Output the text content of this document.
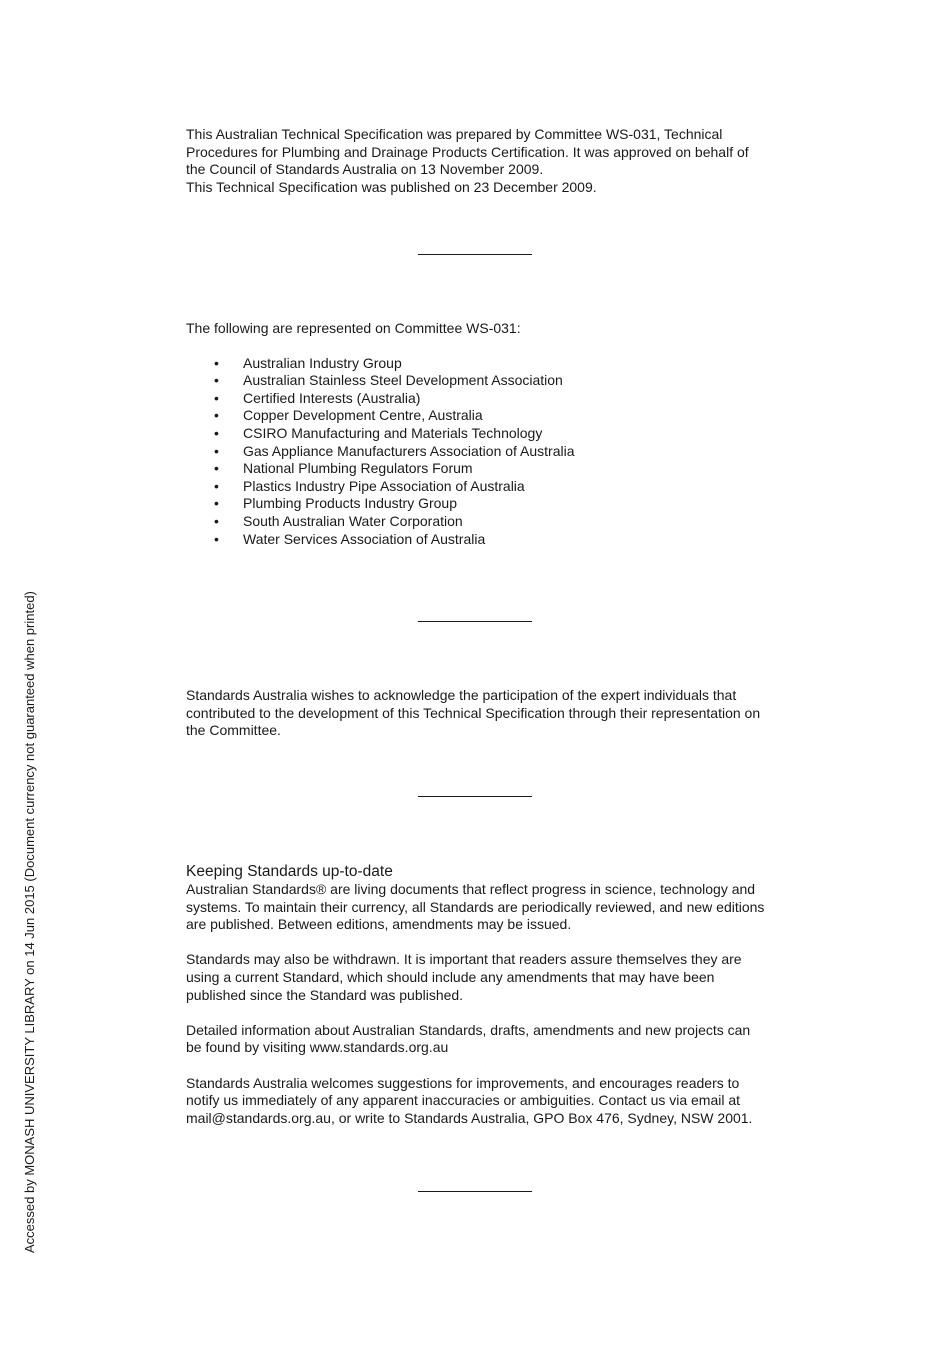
Accessed by MONASH UNIVERSITY LIBRARY on 14 Jun 2015 (Document currency not guaranteed when printed)

This Australian Technical Specification was prepared by Committee WS-031, Technical

Procedures for Plumbing and Drainage Products Certification. It was approved on behalf of

the Council of Standards Australia on 13 November 2009.

This Technical Specification was published on 23 December 2009.

The following are represented on Committee WS-031:

• Australian Industry Group
• Australian Stainless Steel Development Association
• Certified Interests (Australia)
• Copper Development Centre, Australia
• CSIRO Manufacturing and Materials Technology
• Gas Appliance Manufacturers Association of Australia
• National Plumbing Regulators Forum
• Plastics Industry Pipe Association of Australia
• Plumbing Products Industry Group
• South Australian Water Corporation
• Water Services Association of Australia

Standards Australia wishes to acknowledge the participation of the expert individuals that

contributed to the development of this Technical Specification through their representation on

the Committee.

Keeping Standards up-to-date

Australian Standards® are living documents that reflect progress in science, technology and

systems. To maintain their currency, all Standards are periodically reviewed, and new editions

are published. Between editions, amendments may be issued.

Standards may also be withdrawn. It is important that readers assure themselves they are

using a current Standard, which should include any amendments that may have been

published since the Standard was published.

Detailed information about Australian Standards, drafts, amendments and new projects can

be found by visiting www.standards.org.au

Standards Australia welcomes suggestions for improvements, and encourages readers to

notify us immediately of any apparent inaccuracies or ambiguities. Contact us via email at

mail@standards.org.au, or write to Standards Australia, GPO Box 476, Sydney, NSW 2001.
